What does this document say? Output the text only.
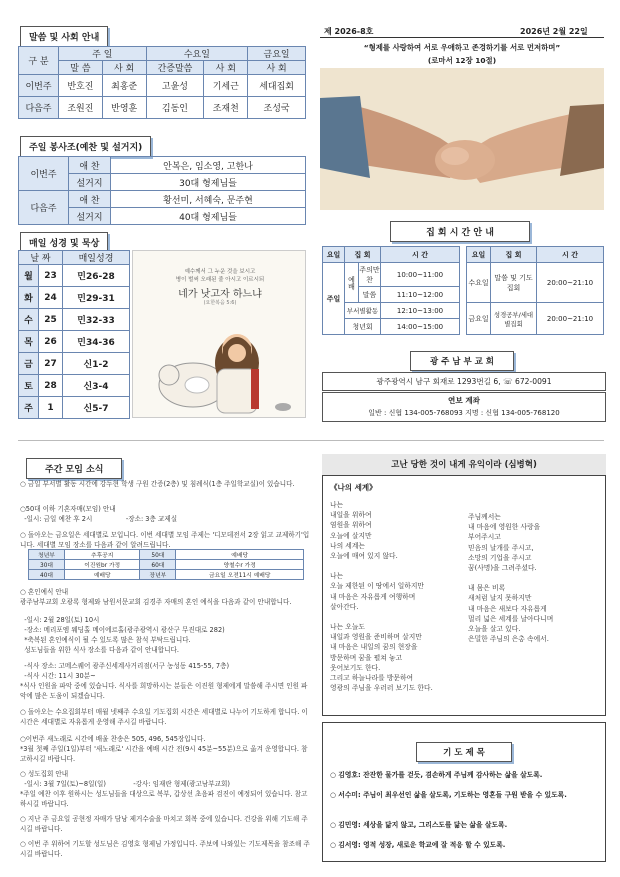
말씀 및 사회 안내
구 분	주 일		수요일		금요일
	말 씀	사 회	간증말씀	사 회	사 회
이번주	반호진	최홍준	고윤성	기세근	세대집회
다음주	조원진	반영훈	김동인	조재천	조성국
주일 봉사조(예찬 및 설거지)
이번주	애 찬	안복은, 임소영, 고한나
	설거지	30대 형제님들
다음주	애 찬	황선미, 서혜숙, 문주현
	설거지	40대 형제님들
매일 성경 및 묵상
날 짜		매일성경
월	23	민26-28
화	24	민29-31
수	25	민32-33
목	26	민34-36
금	27	신1-2
토	28	신3-4
주	1	신5-7
예수께서 그 누운 것을 보시고
병이 벌써 오래된 줄 아시고 이르시되
네가 낫고자 하느냐
(요한복음 5:6)
제 2026-8호	2026년 2월 22일
“형제를 사랑하여 서로 우애하고 존경하기를 서로 먼저하며”
(로마서 12장 10절)
집 회 시 간 안 내
요일	집 회		시 간
주일	예배	주의만찬	10:00~11:00
		말씀	11:10~12:00
	부서별활동		12:10~13:00
	청년회		14:00~15:00
요일	집 회	시 간
수요일	말씀 및 기도집회	20:00~21:10
금요일	성경공부/세대별집회	20:00~21:10
광 주 남 부 교 회
광주광역시 남구 회재로 1293번길 6, ☏ 672-0091
연보 계좌
일반 : 신협 134-005-768093 지명 : 신협 134-005-768120
주간 모임 소식
○ 금일 부서별 활동 시간에 강두현 학생 구원 간증(2층) 및 침례식(1층 주일학교실)이 있습니다.
○50대 이하 기혼자매(모임) 안내
-일시: 금일 예찬 후 2시                -장소: 3층 교제실
○ 돌아오는 금요일은 세대별로 모입니다. 이번 세대별 모임 주제는 '디모데전서 2장 읽고 교제하기'입니다. 세대별 모임 장소를 다음과 같이 알려드립니다.
청년부	추후공지	50대	예배당
30대	이진원br 가정	60대	양철수r 가정
40대	예배당	장년부	금요일 오전11시 예배당
○ 혼인예식 안내
광주남부교회 오광록 형제와 남원서문교회 김경주 자매의 혼인 예식을 다음과 같이 안내합니다.
-일시: 2월 28일(토) 10시
-장소: 메리포엠 웨딩홀 메이에르홀(광주광역시 광산구 무진대로 282)
*축복된 혼인예식이 될 수 있도록 많은 참석 부탁드립니다.
성도님들을 위한 식사 장소를 다음과 같이 안내합니다.
-식사 장소: 고메스퀘어 광주신세계사거리점(서구 농성동 415-55, 7층)
-식사 시간: 11시 30분~
*식사 인원을 파악 중에 있습니다. 식사를 희망하시는 분들은 이진원 형제에게 말씀해 주시면 인원 파악에 많은 도움이 되겠습니다.
○ 돌아오는 수요집회부터 매월 넷째주 수요일 기도집회 시간은 세대별로 나누어 기도하게 합니다. 이 시간은 세대별로 자유롭게 운영해 주시길 바랍니다.
○이번주 새노래로 시간에 배울 찬송은 505, 496, 545장입니다.
*3월 첫째 주일(1일)부터 '새노래로' 시간을 예배 시간 전(9시 45분~55분)으로 옮겨 운영합니다. 참고하시길 바랍니다.
○ 성도집회 안내
-일시: 3월 7일(토)~8일(일)             -강사: 임재란 형제(광고남부교회)
*주일 예찬 이후 원하시는 성도님들을 대상으로 복부, 갑상선 초음파 검진이 예정되어 있습니다. 참고하시길 바랍니다.
○ 지난 주 금요일 공현정 자매가 담낭 제거수술을 마치고 회복 중에 있습니다. 건강을 위해 기도해 주시길 바랍니다.
○ 이번 주 위하여 기도할 성도님은 김영호 형제님 가정입니다. 주보에 나와있는 기도제목을 참조해 주시길 바랍니다.
고난 당한 것이 내게 유익이라 (심병혁)
《나의 세계》
나는
내일을 위하여
염원을 위하여
오늘에 살지만
나의 세계는
오늘에 매여 있지 않다.
나는
오늘 제한된 이 땅에서 일하지만
내 마음은 자유롭게 여행하며
살아간다.
나는 오늘도
내일과 영원을 준비하며 살지만
내 마음은 내일의 꿈의 현장을
방문하며 꿈을 펼쳐 놓고
웃어보기도 한다.
그리고 하늘나라를 방문하여
영광의 주님을 우러러 보기도 한다.
주님께서는
내 마음에 영원한 사랑을
부어주시고
믿음의 날개를 주시고,
소망의 기업을 주시고
꿈(사명)을 그려주셨다.
내 몸은 비록
새처럼 날지 못하지만
내 마음은 새보다 자유롭게
멀리 넓은 세계를 날아다니며
오늘을 살고 있다.
은밀한 주님의 은총 속에서.
기 도 제 목
○ 김영호: 잔잔한 물가를 걷듯, 겸손하게 주님께 감사하는 삶을 살도록.
○ 서수미: 주님이 최우선인 삶을 살도록, 기도하는 영혼들 구원 받을 수 있도록.
○ 김민영: 세상을 닮지 않고, 그리스도를 닮는 삶을 살도록.
○ 김서영: 영적 성장, 새로운 학교에 잘 적응 할 수 있도록.
